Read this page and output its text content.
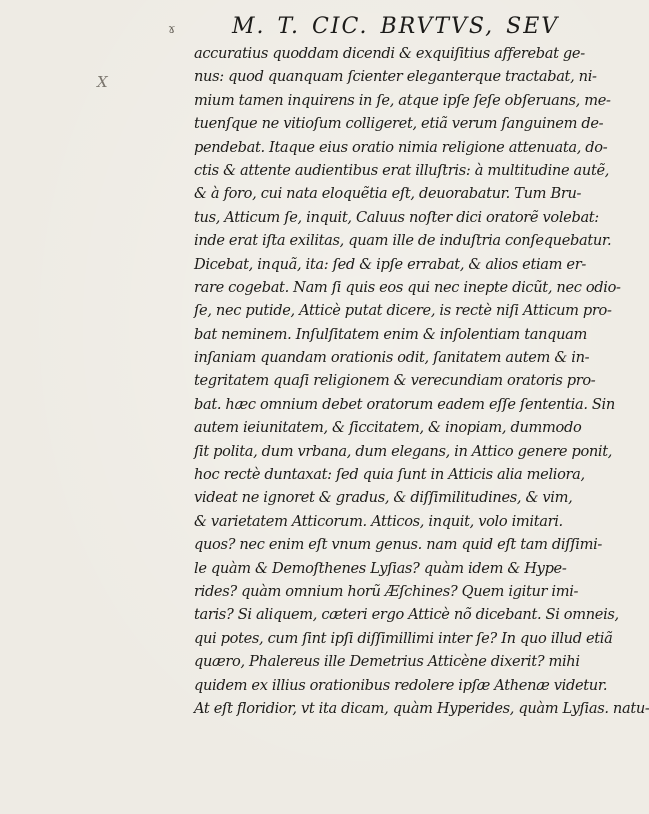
ɤ
X
M. T. CIC. BRVTVS, SEV
accuratius quoddam dicendi & exquiſitius afferebat ge-
nus: quod quanquam ſcienter eleganterque tractabat, ni-
mium tamen inquirens in ſe, atque ipſe ſeſe obſeruans, me-
tuenſque ne vitioſum colligeret, etiã verum ſanguinem de-
pendebat. Itaque eius oratio nimia religione attenuata, do-
ctis & attente audientibus erat illuſtris: à multitudine autẽ,
& à foro, cui nata eloquẽtia eſt, deuorabatur. Tum Bru-
tus, Atticum ſe, inquit, Caluus noſter dici oratorẽ volebat:
inde erat iſta exilitas, quam ille de induſtria conſequebatur.
Dicebat, inquã, ita: ſed & ipſe errabat, & alios etiam er-
rare cogebat. Nam ſi quis eos qui nec inepte dicũt, nec odio-
ſe, nec putide, Atticè putat dicere, is rectè niſi Atticum pro-
bat neminem. Inſulſitatem enim & inſolentiam tanquam
inſaniam quandam orationis odit, ſanitatem autem & in-
tegritatem quaſi religionem & verecundiam oratoris pro-
bat. hæc omnium debet oratorum eadem eſſe ſententia. Sin
autem ieiunitatem, & ſiccitatem, & inopiam, dummodo
ſit polita, dum vrbana, dum elegans, in Attico genere ponit,
hoc rectè duntaxat: ſed quia ſunt in Atticis alia meliora,
videat ne ignoret & gradus, & diſſimilitudines, & vim,
& varietatem Atticorum. Atticos, inquit, volo imitari.
quos? nec enim eſt vnum genus. nam quid eſt tam diſſimi-
le quàm & Demoſthenes Lyſias? quàm idem & Hype-
rides? quàm omnium horũ Æſchines? Quem igitur imi-
taris? Si aliquem, cæteri ergo Atticè nõ dicebant. Si omneis,
qui potes, cum ſint ipſi diſſimillimi inter ſe? In quo illud etiã
quæro, Phalereus ille Demetrius Atticène dixerit? mihi
quidem ex illius orationibus redolere ipſæ Athenæ videtur.
At eſt floridior, vt ita dicam, quàm Hyperides, quàm Lyſias. natu-
